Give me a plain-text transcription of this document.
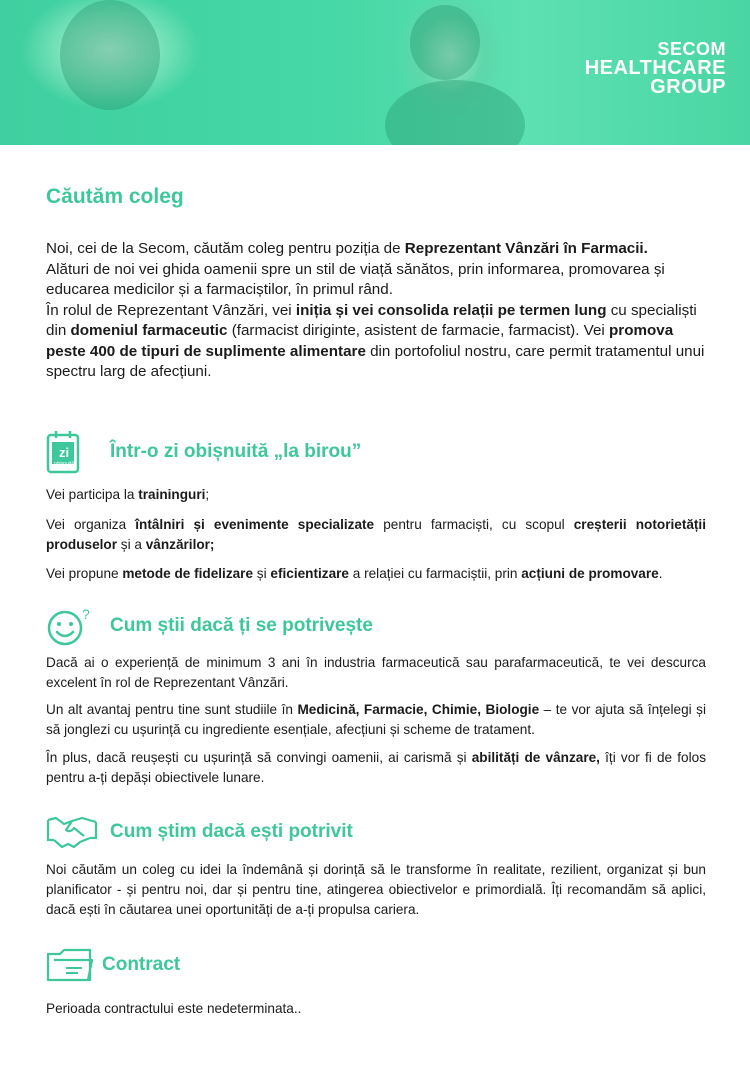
SECOM
HEALTHCARE
GROUP
Căutăm coleg
Noi, cei de la Secom, căutăm coleg pentru poziția de Reprezentant Vânzări în Farmacii.
Alături de noi vei ghida oamenii spre un stil de viață sănătos, prin informarea, promovarea și educarea medicilor și a farmaciștilor, în primul rând.
În rolul de Reprezentant Vânzări, vei iniția și vei consolida relații pe termen lung cu specialiști din domeniul farmaceutic (farmacist diriginte, asistent de farmacie, farmacist). Vei promova peste 400 de tipuri de suplimente alimentare din portofoliul nostru, care permit tratamentul unui spectru larg de afecțiuni.
Într-o zi obișnuită „la birou”
zi
obișnuită

Vei participa la traininguri;

Vei organiza întâlniri și evenimente specializate pentru farmaciști, cu scopul creșterii notorietății produselor și a vânzărilor;

Vei propune metode de fidelizare și eficientizare a relației cu farmaciștii, prin acțiuni de promovare.

?
Cum știi dacă ți se potrivește

Dacă ai o experiență de minimum 3 ani în industria farmaceutică sau parafarmaceutică, te vei descurca excelent în rol de Reprezentant Vânzări.

Un alt avantaj pentru tine sunt studiile în Medicină, Farmacie, Chimie, Biologie – te vor ajuta să înțelegi și să jonglezi cu ușurință cu ingrediente esențiale, afecțiuni și scheme de tratament.

În plus, dacă reușești cu ușurință să convingi oamenii, ai carismă și abilități de vânzare, îți vor fi de folos pentru a-ți depăși obiectivele lunare.

Cum știm dacă ești potrivit

Noi căutăm un coleg cu idei la îndemână și dorință să le transforme în realitate, rezilient, organizat și bun planificator - și pentru noi, dar și pentru tine, atingerea obiectivelor e primordială. Îți recomandăm să aplici, dacă ești în căutarea unei oportunități de a-ți propulsa cariera.

Contract

Perioada contractului este nedeterminata..
